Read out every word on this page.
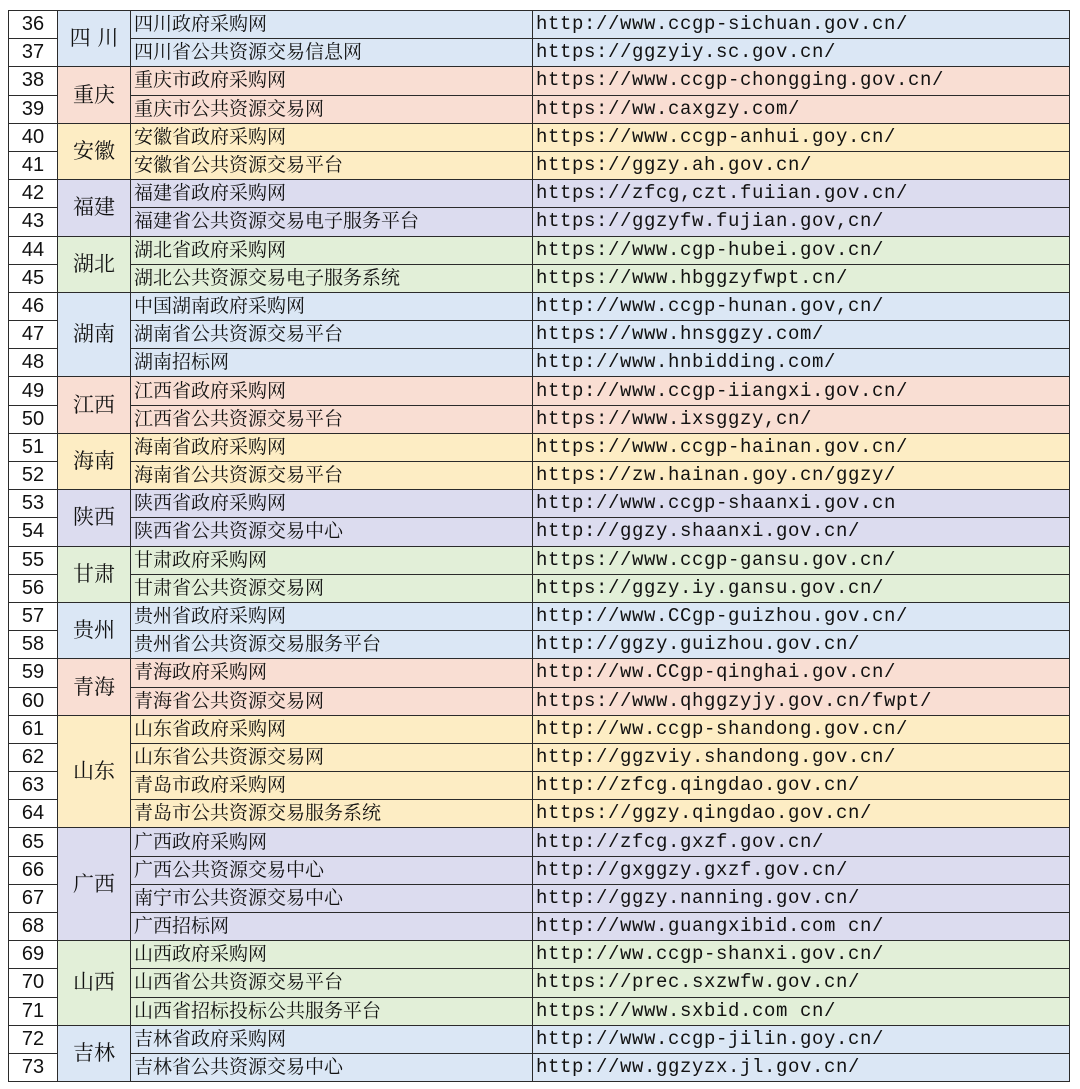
36	四 川	四川政府采购网	http://www.ccgp-sichuan.gov.cn/
37		四川省公共资源交易信息网	https://ggzyiy.sc.gov.cn/
38	重庆	重庆市政府采购网	https://www.ccgp-chongging.gov.cn/
39		重庆市公共资源交易网	https://ww.caxgzy.com/
40	安徽	安徽省政府采购网	https://www.ccgp-anhui.goy.cn/
41		安徽省公共资源交易平台	https://ggzy.ah.gov.cn/
42	福建	福建省政府采购网	https://zfcg,czt.fuiian.gov.cn/
43		福建省公共资源交易电子服务平台	https://ggzyfw.fujian.gov,cn/
44	湖北	湖北省政府采购网	https://www.cgp-hubei.gov.cn/
45		湖北公共资源交易电子服务系统	https://www.hbggzyfwpt.cn/
46	湖南	中国湖南政府采购网	http://www.ccgp-hunan.gov,cn/
47		湖南省公共资源交易平台	https://www.hnsggzy.com/
48		湖南招标网	http://www.hnbidding.com/
49	江西	江西省政府采购网	http://www.ccgp-iiangxi.gov.cn/
50		江西省公共资源交易平台	https://www.ixsggzy,cn/
51	海南	海南省政府采购网	https://www.ccgp-hainan.gov.cn/
52		海南省公共资源交易平台	https://zw.hainan.goy.cn/ggzy/
53	陕西	陕西省政府采购网	http://www.ccgp-shaanxi.gov.cn
54		陕西省公共资源交易中心	http://ggzy.shaanxi.gov.cn/
55	甘肃	甘肃政府采购网	https://www.ccgp-gansu.gov.cn/
56		甘肃省公共资源交易网	https://ggzy.iy.gansu.gov.cn/
57	贵州	贵州省政府采购网	http://www.CCgp-guizhou.gov.cn/
58		贵州省公共资源交易服务平台	http://ggzy.guizhou.gov.cn/
59	青海	青海政府采购网	http://ww.CCgp-qinghai.gov.cn/
60		青海省公共资源交易网	https://www.qhggzyjy.gov.cn/fwpt/
61	山东	山东省政府采购网	http://ww.ccgp-shandong.gov.cn/
62		山东省公共资源交易网	http://ggzviy.shandong.gov.cn/
63		青岛市政府采购网	http://zfcg.qingdao.gov.cn/
64		青岛市公共资源交易服务系统	https://ggzy.qingdao.gov.cn/
65	广西	广西政府采购网	http://zfcg.gxzf.gov.cn/
66		广西公共资源交易中心	http://gxggzy.gxzf.gov.cn/
67		南宁市公共资源交易中心	http://ggzy.nanning.gov.cn/
68		广西招标网	http://www.guangxibid.com cn/
69	山西	山西政府采购网	http://ww.ccgp-shanxi.gov.cn/
70		山西省公共资源交易平台	https://prec.sxzwfw.gov.cn/
71		山西省招标投标公共服务平台	https://www.sxbid.com cn/
72	吉林	吉林省政府采购网	http://www.ccgp-jilin.goy.cn/
73		吉林省公共资源交易中心	http://ww.ggzyzx.jl.gov.cn/
